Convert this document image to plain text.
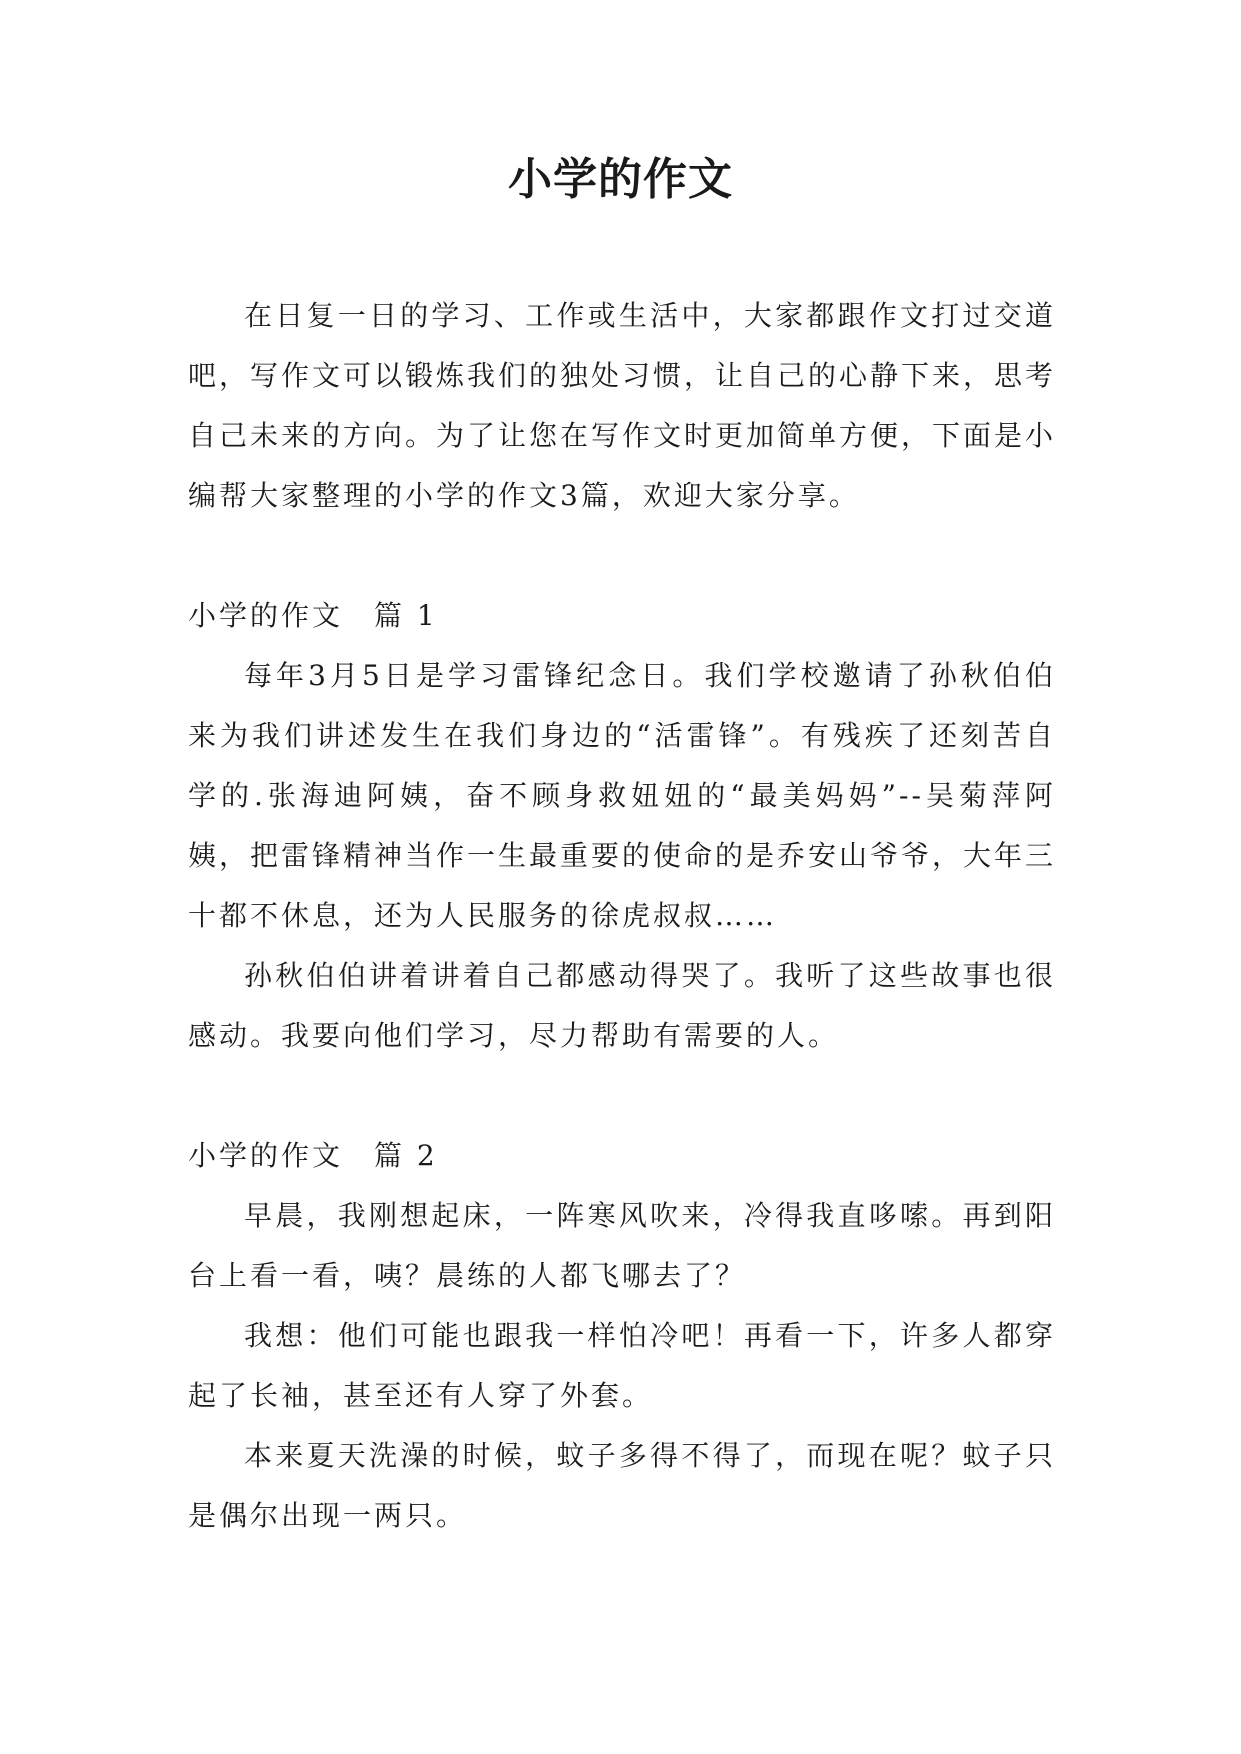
小学的作文

在日复一日的学习、工作或生活中，大家都跟作文打过交道吧，写作文可以锻炼我们的独处习惯，让自己的心静下来，思考自己未来的方向。为了让您在写作文时更加简单方便，下面是小编帮大家整理的小学的作文3篇，欢迎大家分享。

小学的作文　篇 1

每年3月5日是学习雷锋纪念日。我们学校邀请了孙秋伯伯来为我们讲述发生在我们身边的“活雷锋”。有残疾了还刻苦自学的.张海迪阿姨，奋不顾身救妞妞的“最美妈妈”--吴菊萍阿姨，把雷锋精神当作一生最重要的使命的是乔安山爷爷，大年三十都不休息，还为人民服务的徐虎叔叔……

孙秋伯伯讲着讲着自己都感动得哭了。我听了这些故事也很感动。我要向他们学习，尽力帮助有需要的人。

小学的作文　篇 2

早晨，我刚想起床，一阵寒风吹来，冷得我直哆嗦。再到阳台上看一看，咦？晨练的人都飞哪去了？

我想：他们可能也跟我一样怕冷吧！再看一下，许多人都穿起了长袖，甚至还有人穿了外套。

本来夏天洗澡的时候，蚊子多得不得了，而现在呢？蚊子只是偶尔出现一两只。
